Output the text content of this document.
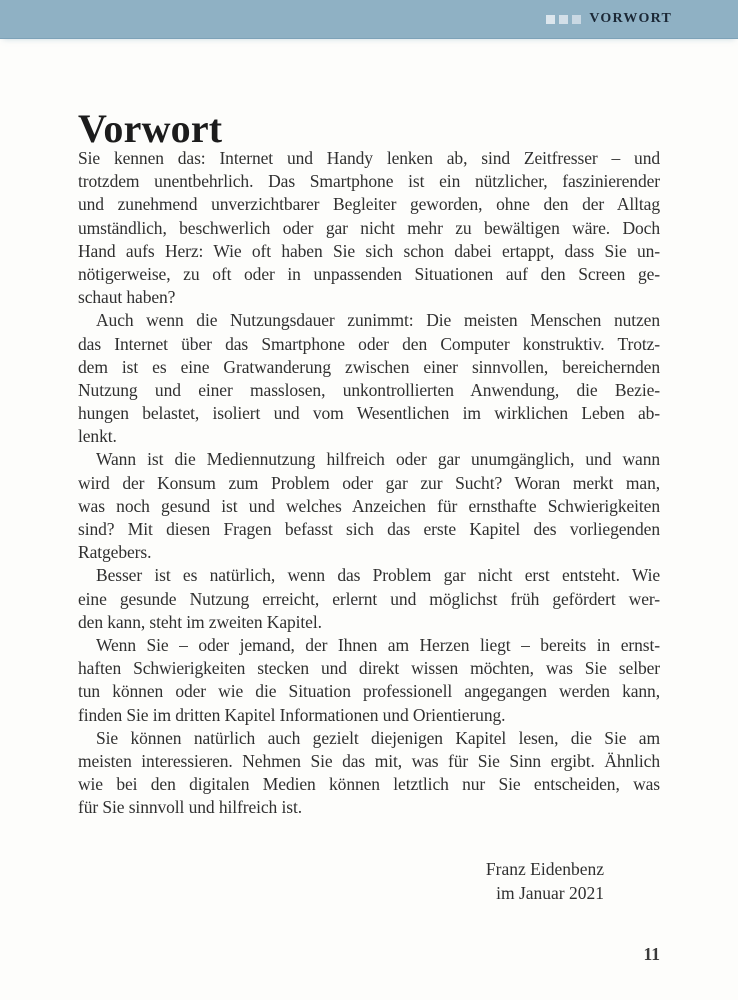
VORWORT
Vorwort
Sie kennen das: Internet und Handy lenken ab, sind Zeitfresser – und
trotzdem unentbehrlich. Das Smartphone ist ein nützlicher, faszinierender
und zunehmend unverzichtbarer Begleiter geworden, ohne den der Alltag
umständlich, beschwerlich oder gar nicht mehr zu bewältigen wäre. Doch
Hand aufs Herz: Wie oft haben Sie sich schon dabei ertappt, dass Sie un-
nötigerweise, zu oft oder in unpassenden Situationen auf den Screen ge-
schaut haben?
Auch wenn die Nutzungsdauer zunimmt: Die meisten Menschen nutzen
das Internet über das Smartphone oder den Computer konstruktiv. Trotz-
dem ist es eine Gratwanderung zwischen einer sinnvollen, bereichernden
Nutzung und einer masslosen, unkontrollierten Anwendung, die Bezie-
hungen belastet, isoliert und vom Wesentlichen im wirklichen Leben ab-
lenkt.
Wann ist die Mediennutzung hilfreich oder gar unumgänglich, und wann
wird der Konsum zum Problem oder gar zur Sucht? Woran merkt man,
was noch gesund ist und welches Anzeichen für ernsthafte Schwierigkeiten
sind? Mit diesen Fragen befasst sich das erste Kapitel des vorliegenden
Ratgebers.
Besser ist es natürlich, wenn das Problem gar nicht erst entsteht. Wie
eine gesunde Nutzung erreicht, erlernt und möglichst früh gefördert wer-
den kann, steht im zweiten Kapitel.
Wenn Sie – oder jemand, der Ihnen am Herzen liegt – bereits in ernst-
haften Schwierigkeiten stecken und direkt wissen möchten, was Sie selber
tun können oder wie die Situation professionell angegangen werden kann,
finden Sie im dritten Kapitel Informationen und Orientierung.
Sie können natürlich auch gezielt diejenigen Kapitel lesen, die Sie am
meisten interessieren. Nehmen Sie das mit, was für Sie Sinn ergibt. Ähnlich
wie bei den digitalen Medien können letztlich nur Sie entscheiden, was
für Sie sinnvoll und hilfreich ist.
Franz Eidenbenz
im Januar 2021
11
